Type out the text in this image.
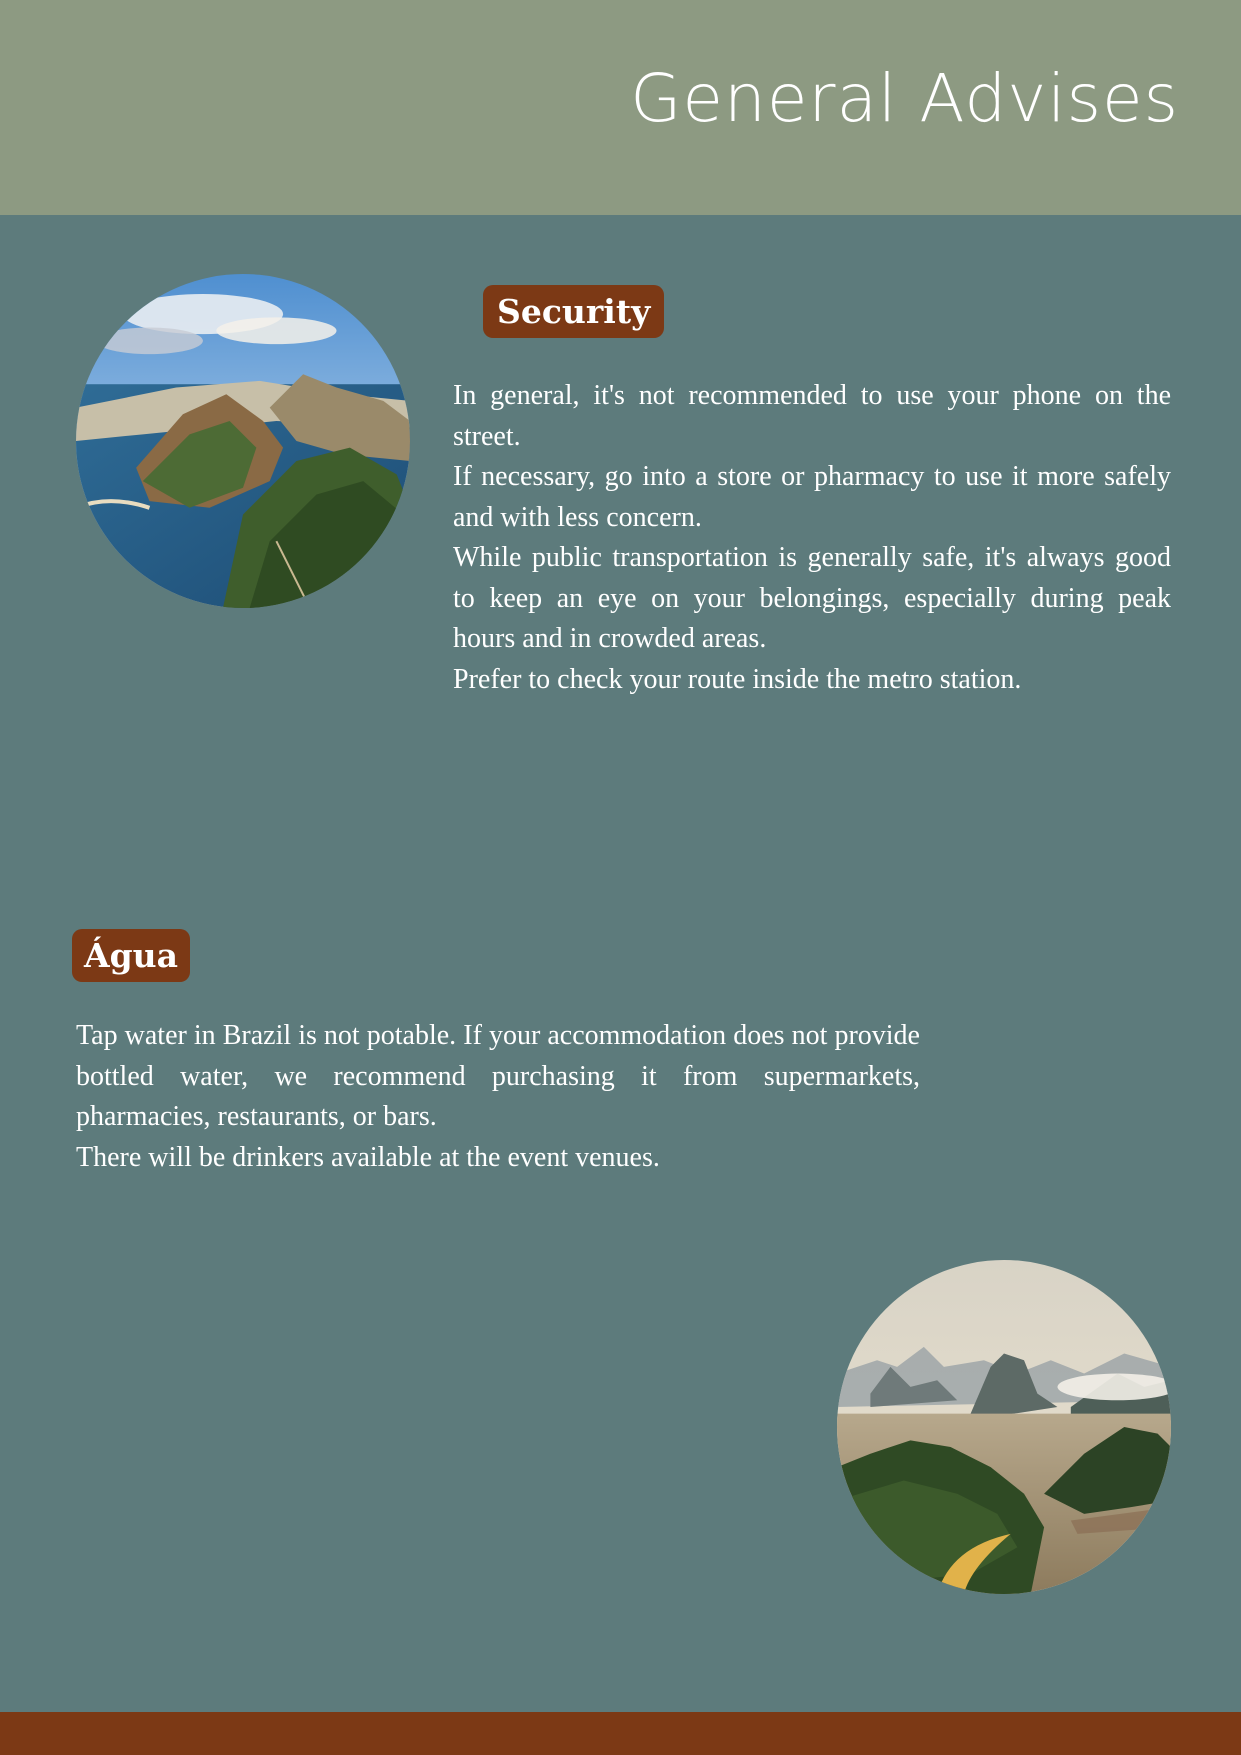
General Advises
Security

In general, it's not recommended to use your phone on the street.

If necessary, go into a store or pharmacy to use it more safely and with less concern.

While public transportation is generally safe, it's always good to keep an eye on your belongings, especially during peak hours and in crowded areas.

Prefer to check your route inside the metro station.

Água

Tap water in Brazil is not potable. If your accommodation does not provide bottled water, we recommend purchasing it from supermarkets, pharmacies, restaurants, or bars.

There will be drinkers available at the event venues.
